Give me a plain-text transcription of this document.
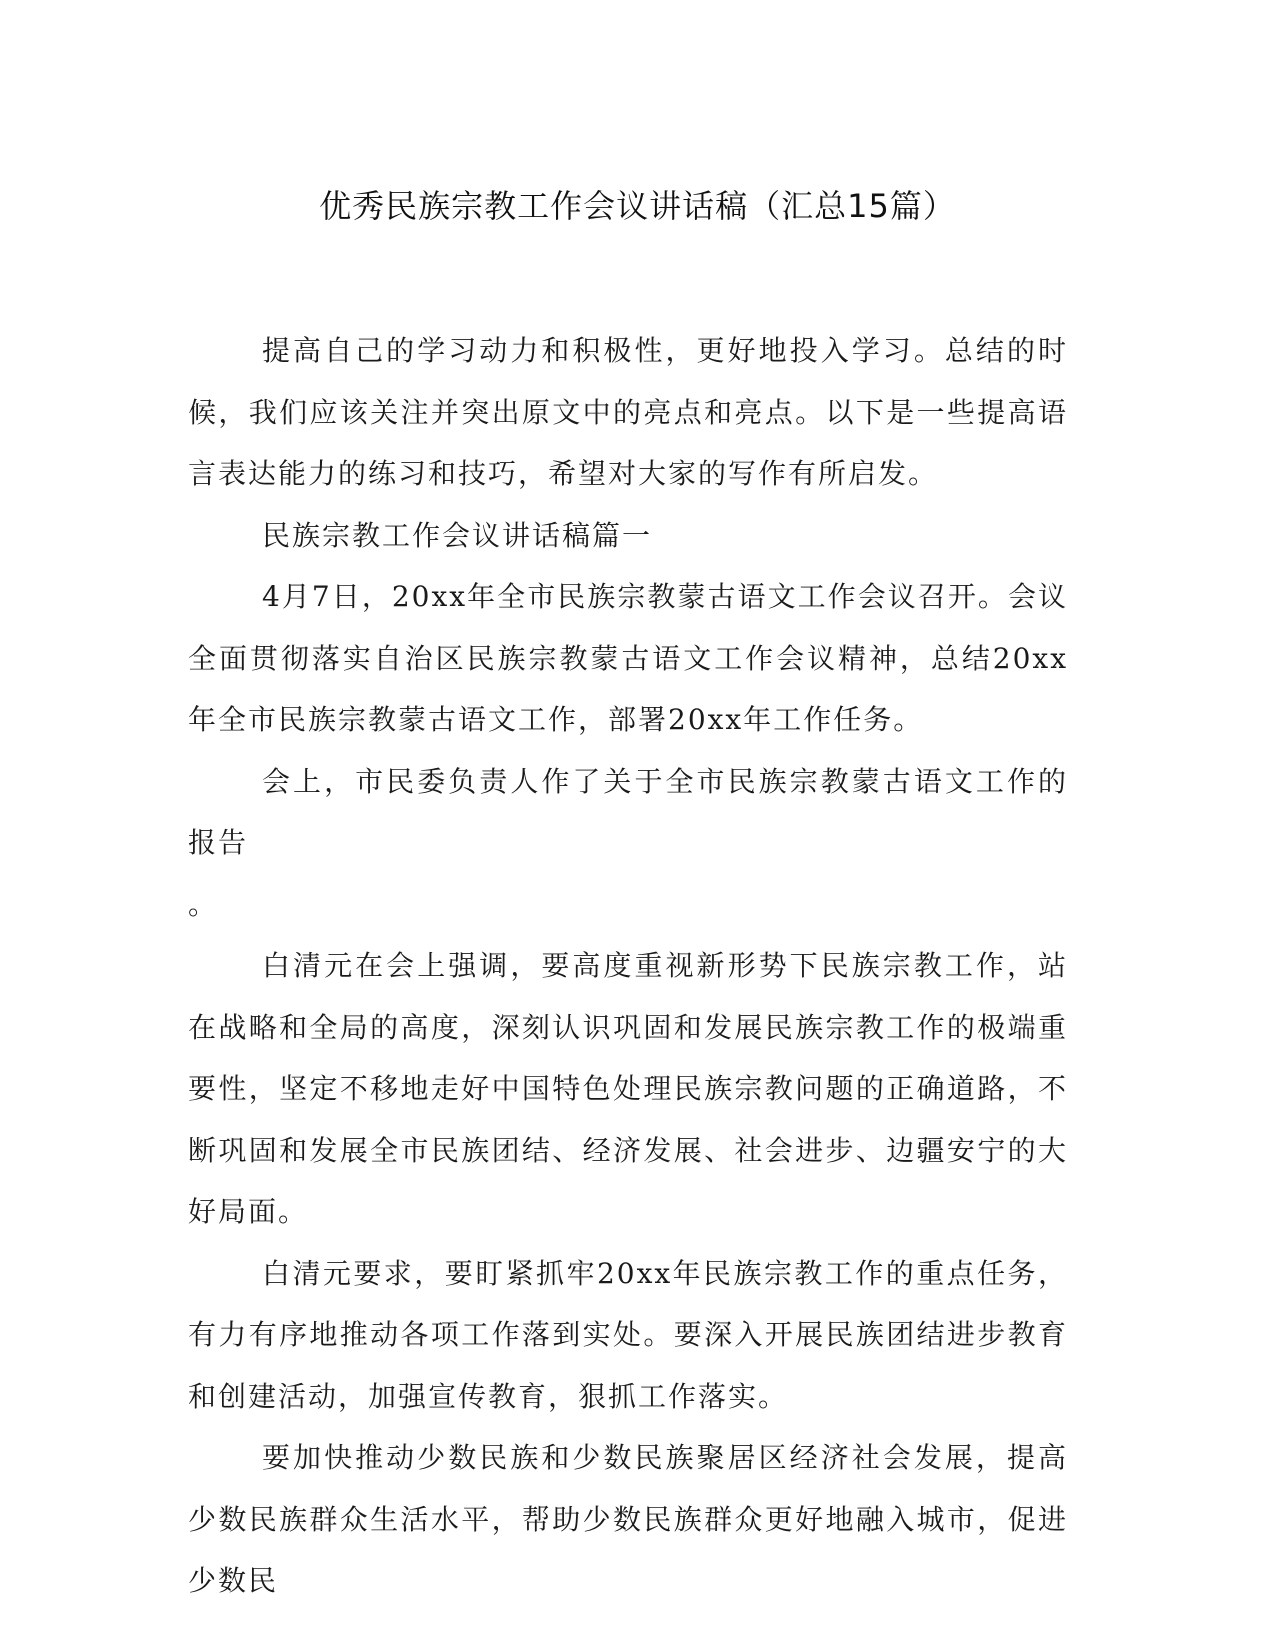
优秀民族宗教工作会议讲话稿（汇总15篇）

提高自己的学习动力和积极性，更好地投入学习。总结的时候，我们应该关注并突出原文中的亮点和亮点。以下是一些提高语言表达能力的练习和技巧，希望对大家的写作有所启发。

民族宗教工作会议讲话稿篇一

4月7日，20xx年全市民族宗教蒙古语文工作会议召开。会议全面贯彻落实自治区民族宗教蒙古语文工作会议精神，总结20xx年全市民族宗教蒙古语文工作，部署20xx年工作任务。

会上，市民委负责人作了关于全市民族宗教蒙古语文工作的报告

。

白清元在会上强调，要高度重视新形势下民族宗教工作，站在战略和全局的高度，深刻认识巩固和发展民族宗教工作的极端重要性，坚定不移地走好中国特色处理民族宗教问题的正确道路，不断巩固和发展全市民族团结、经济发展、社会进步、边疆安宁的大好局面。

白清元要求，要盯紧抓牢20xx年民族宗教工作的重点任务，有力有序地推动各项工作落到实处。要深入开展民族团结进步教育和创建活动，加强宣传教育，狠抓工作落实。

要加快推动少数民族和少数民族聚居区经济社会发展，提高少数民族群众生活水平，帮助少数民族群众更好地融入城市，促进少数民
